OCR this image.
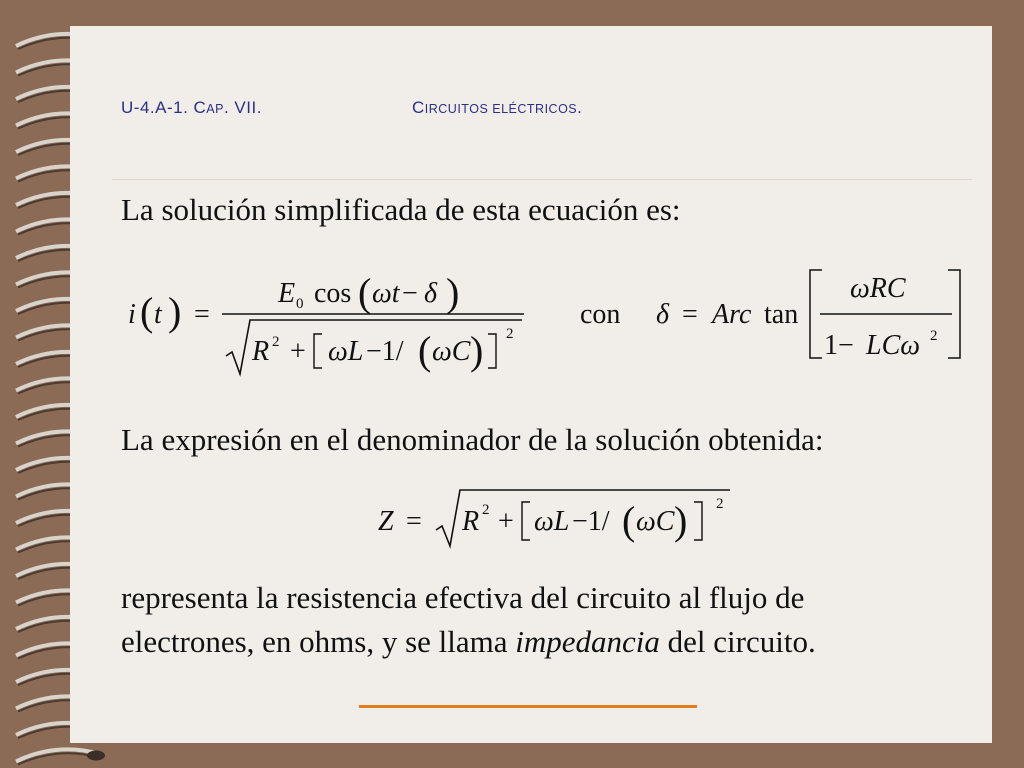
U-4.A-1. CAP. VII.	CIRCUITOS ELÉCTRICOS.
La solución simplificada de esta ecuación es:
i ( t ) =
E 0 cos ( ωt − δ )
R 2 + ωL −1/ ( ωC ) 2
con δ = Arc tan
ωRC
1− LCω 2
La expresión en el denominador de la solución obtenida:
Z = R 2 + ωL −1/ ( ωC ) 2
representa la resistencia efectiva del circuito al flujo de
electrones, en ohms, y se llama impedancia del circuito.
